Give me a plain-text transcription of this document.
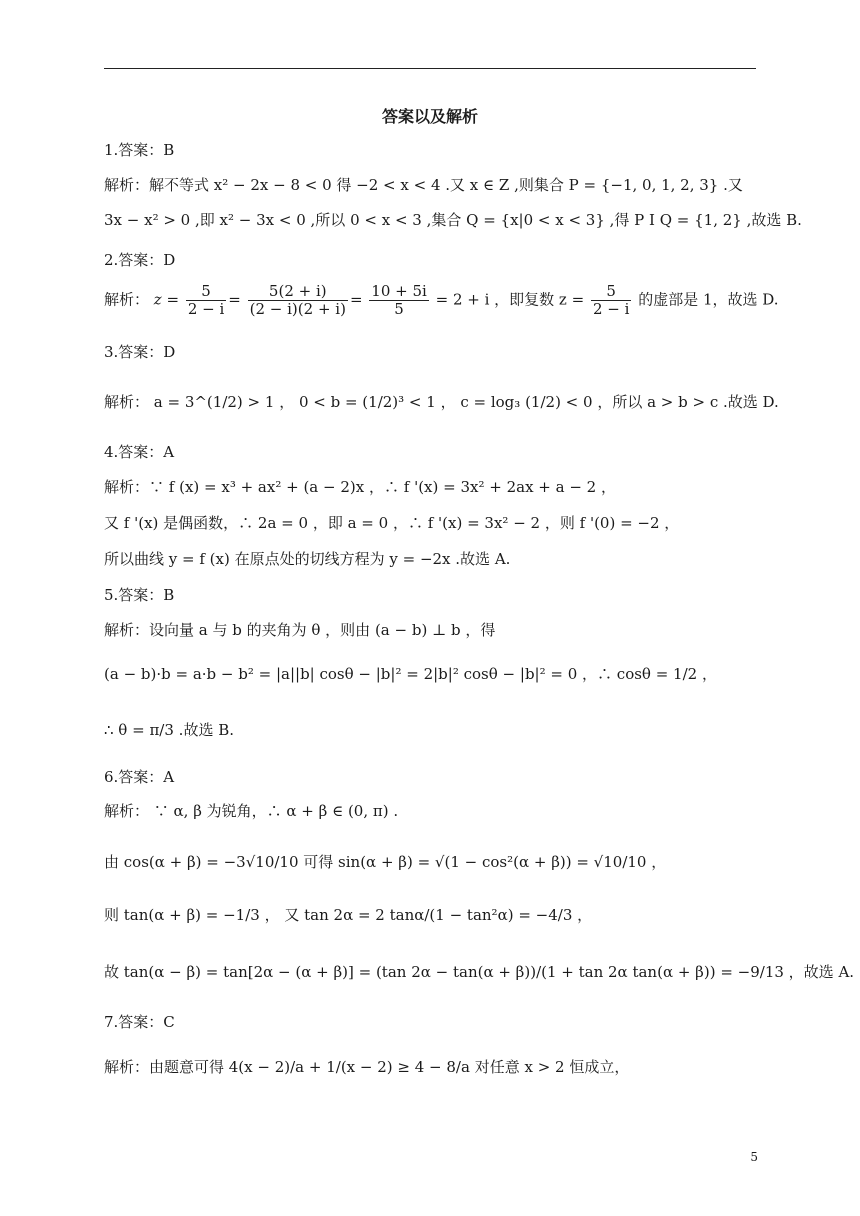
答案以及解析
1.答案：B
解析：解不等式 x² − 2x − 8 < 0 得 −2 < x < 4 .又 x ∈ Z ,则集合 P = {−1, 0, 1, 2, 3} .又
3x − x² > 0 ,即 x² − 3x < 0 ,所以 0 < x < 3 ,集合 Q = {x|0 < x < 3} ,得 P I Q = {1, 2} ,故选 B.
2.答案：D
解析： $z = \frac{5}{2 - i} = \frac{5(2 + i)}{(2 - i)(2 + i)} = \frac{10 + 5i}{5} = 2 + i$ ，即复数 $z = \frac{5}{2 - i}$ 的虚部是 1，故选 D.
3.答案：D
解析： a = 3^(1/2) > 1 ， 0 < b = (1/2)³ < 1 ， c = log₃ (1/2) < 0 ，所以 a > b > c .故选 D.
4.答案：A
解析：∵ f (x) = x³ + ax² + (a − 2)x ，∴ f '(x) = 3x² + 2ax + a − 2 ，
又 f '(x) 是偶函数，∴ 2a = 0 ，即 a = 0 ，∴ f '(x) = 3x² − 2 ，则 f '(0) = −2 ，
所以曲线 y = f (x) 在原点处的切线方程为 y = −2x .故选 A.
5.答案：B
解析：设向量 a 与 b 的夹角为 θ ，则由 (a − b) ⊥ b ，得
(a − b)·b = a·b − b² = |a||b| cosθ − |b|² = 2|b|² cosθ − |b|² = 0 ，∴ cosθ = 1/2 ，
∴ θ = π/3 .故选 B.
6.答案：A
解析： ∵ α, β 为锐角，∴ α + β ∈ (0, π) .
由 cos(α + β) = −3√10/10 可得 sin(α + β) = √(1 − cos²(α + β)) = √10/10 ，
则 tan(α + β) = −1/3 ， 又 tan 2α = 2 tanα/(1 − tan²α) = −4/3 ，
故 tan(α − β) = tan[2α − (α + β)] = (tan 2α − tan(α + β))/(1 + tan 2α tan(α + β)) = −9/13 ，故选 A.
7.答案：C
解析：由题意可得 4(x − 2)/a + 1/(x − 2) ≥ 4 − 8/a 对任意 x > 2 恒成立，
5
